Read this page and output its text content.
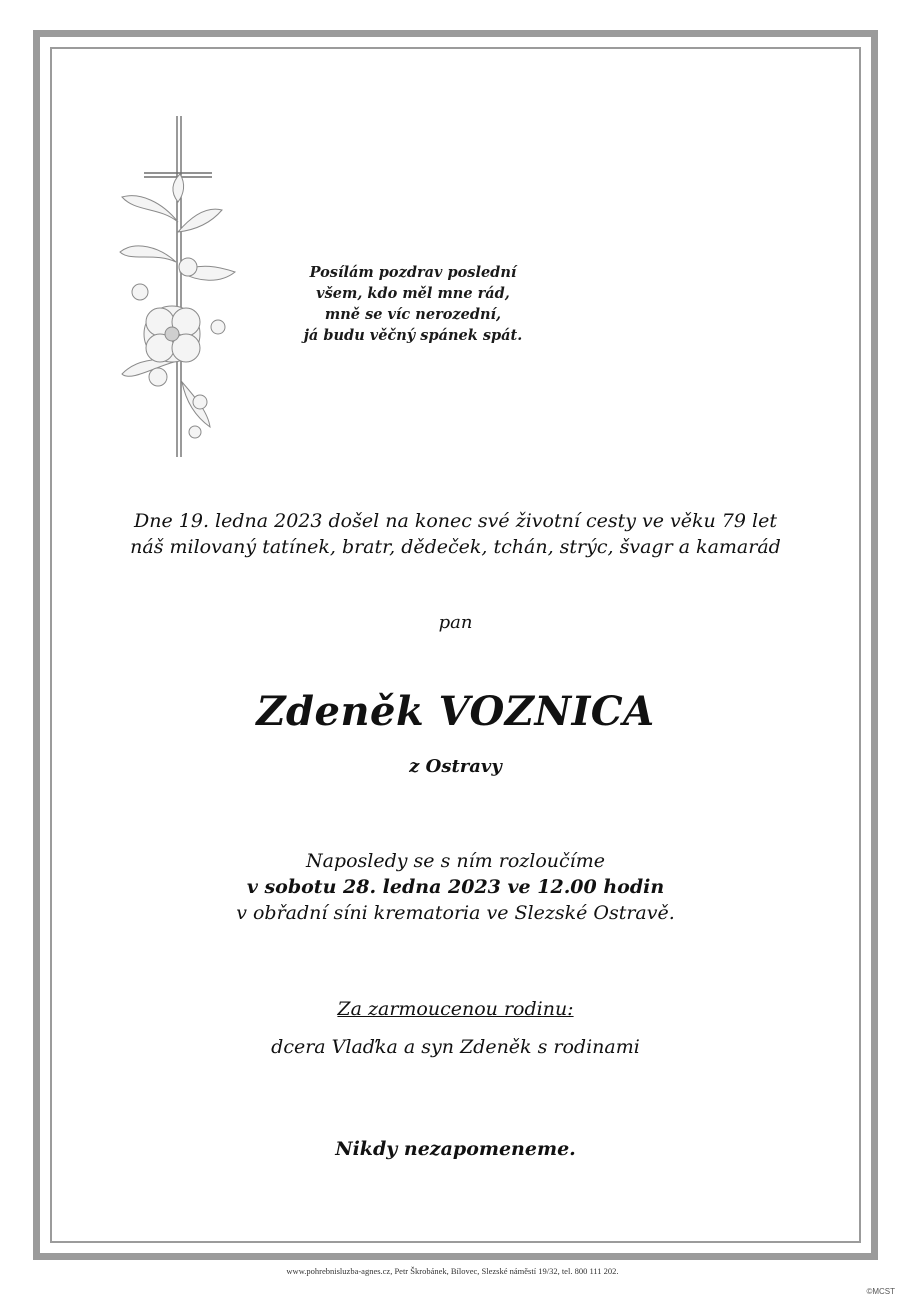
Posílám pozdrav poslední
všem, kdo měl mne rád,
mně se víc nerozední,
já budu věčný spánek spát.
Dne 19. ledna 2023 došel na konec své životní cesty ve věku 79 let
náš milovaný tatínek, bratr, dědeček, tchán, strýc, švagr a kamarád
pan
Zdeněk VOZNICA
z Ostravy
Naposledy se s ním rozloučíme
v sobotu 28. ledna 2023 ve 12.00 hodin
v obřadní síni krematoria ve Slezské Ostravě.
Za zarmoucenou rodinu:
dcera Vlaďka a syn Zdeněk s rodinami
Nikdy nezapomeneme.
www.pohrebnisluzba-agnes.cz, Petr Škrobánek, Bílovec, Slezské náměstí 19/32, tel. 800 111 202.
©MCST
